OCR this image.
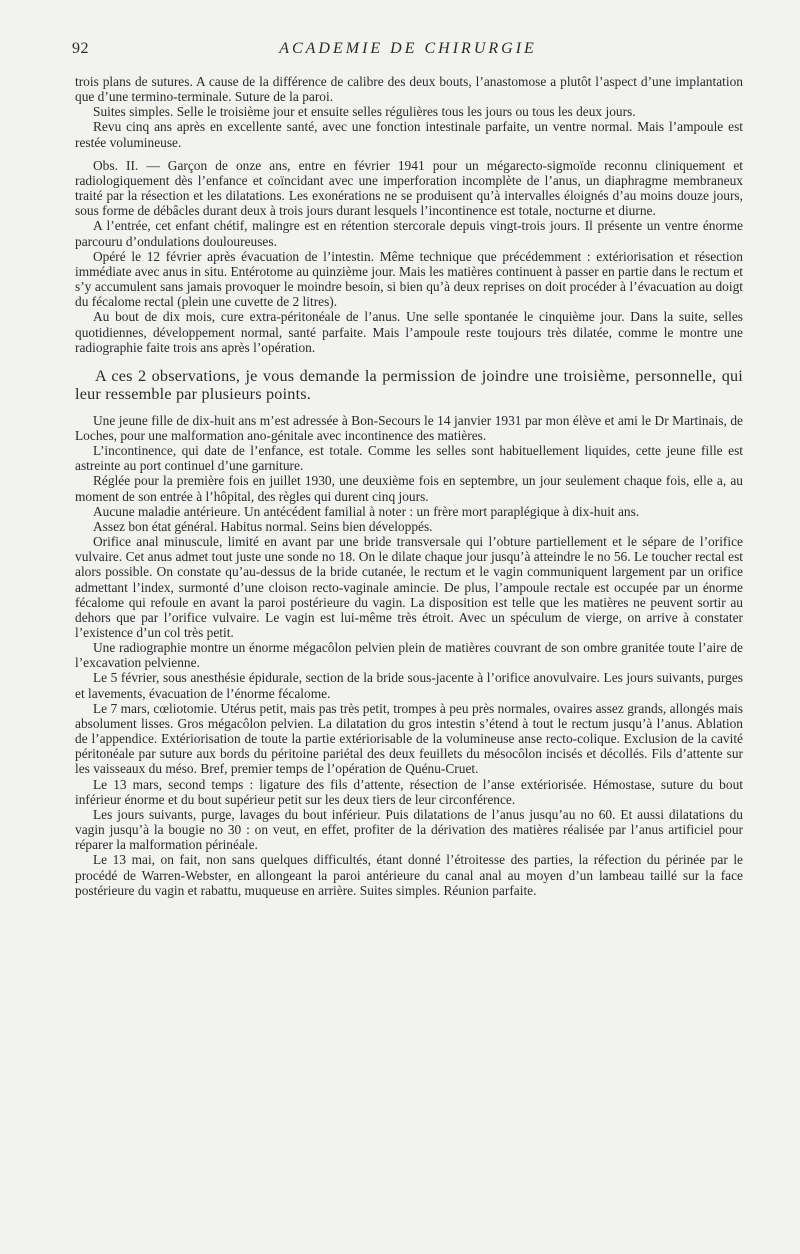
92	ACADEMIE DE CHIRURGIE

trois plans de sutures. A cause de la différence de calibre des deux bouts, l’anastomose a plutôt l’aspect d’une implantation que d’une termino-terminale. Suture de la paroi.

Suites simples. Selle le troisième jour et ensuite selles régulières tous les jours ou tous les deux jours.

Revu cinq ans après en excellente santé, avec une fonction intestinale parfaite, un ventre normal. Mais l’ampoule est restée volumineuse.

Obs. II. — Garçon de onze ans, entre en février 1941 pour un mégarecto-sigmoïde reconnu cliniquement et radiologiquement dès l’enfance et coïncidant avec une imperforation incomplète de l’anus, un diaphragme membraneux traité par la résection et les dilatations. Les exonérations ne se produisent qu’à intervalles éloignés d’au moins douze jours, sous forme de débâcles durant deux à trois jours durant lesquels l’incontinence est totale, nocturne et diurne.

A l’entrée, cet enfant chétif, malingre est en rétention stercorale depuis vingt-trois jours. Il présente un ventre énorme parcouru d’ondulations douloureuses.

Opéré le 12 février après évacuation de l’intestin. Même technique que précédemment : extériorisation et résection immédiate avec anus in situ. Entérotome au quinzième jour. Mais les matières continuent à passer en partie dans le rectum et s’y accumulent sans jamais provoquer le moindre besoin, si bien qu’à deux reprises on doit procéder à l’évacuation au doigt du fécalome rectal (plein une cuvette de 2 litres).

Au bout de dix mois, cure extra-péritonéale de l’anus. Une selle spontanée le cinquième jour. Dans la suite, selles quotidiennes, développement normal, santé parfaite. Mais l’ampoule reste toujours très dilatée, comme le montre une radiographie faite trois ans après l’opération.

A ces 2 observations, je vous demande la permission de joindre une troisième, personnelle, qui leur ressemble par plusieurs points.

Une jeune fille de dix-huit ans m’est adressée à Bon-Secours le 14 janvier 1931 par mon élève et ami le Dr Martinais, de Loches, pour une malformation ano-génitale avec incontinence des matières.

L’incontinence, qui date de l’enfance, est totale. Comme les selles sont habituellement liquides, cette jeune fille est astreinte au port continuel d’une garniture.

Réglée pour la première fois en juillet 1930, une deuxième fois en septembre, un jour seulement chaque fois, elle a, au moment de son entrée à l’hôpital, des règles qui durent cinq jours.

Aucune maladie antérieure. Un antécédent familial à noter : un frère mort paraplégique à dix-huit ans.

Assez bon état général. Habitus normal. Seins bien développés.

Orifice anal minuscule, limité en avant par une bride transversale qui l’obture partiellement et le sépare de l’orifice vulvaire. Cet anus admet tout juste une sonde no 18. On le dilate chaque jour jusqu’à atteindre le no 56. Le toucher rectal est alors possible. On constate qu’au-dessus de la bride cutanée, le rectum et le vagin communiquent largement par un orifice admettant l’index, surmonté d’une cloison recto-vaginale amincie. De plus, l’ampoule rectale est occupée par un énorme fécalome qui refoule en avant la paroi postérieure du vagin. La disposition est telle que les matières ne peuvent sortir au dehors que par l’orifice vulvaire. Le vagin est lui-même très étroit. Avec un spéculum de vierge, on arrive à constater l’existence d’un col très petit.

Une radiographie montre un énorme mégacôlon pelvien plein de matières couvrant de son ombre granitée toute l’aire de l’excavation pelvienne.

Le 5 février, sous anesthésie épidurale, section de la bride sous-jacente à l’orifice anovulvaire. Les jours suivants, purges et lavements, évacuation de l’énorme fécalome.

Le 7 mars, cœliotomie. Utérus petit, mais pas très petit, trompes à peu près normales, ovaires assez grands, allongés mais absolument lisses. Gros mégacôlon pelvien. La dilatation du gros intestin s’étend à tout le rectum jusqu’à l’anus. Ablation de l’appendice. Extériorisation de toute la partie extériorisable de la volumineuse anse recto-colique. Exclusion de la cavité péritonéale par suture aux bords du péritoine pariétal des deux feuillets du mésocôlon incisés et décollés. Fils d’attente sur les vaisseaux du méso. Bref, premier temps de l’opération de Quénu-Cruet.

Le 13 mars, second temps : ligature des fils d’attente, résection de l’anse extériorisée. Hémostase, suture du bout inférieur énorme et du bout supérieur petit sur les deux tiers de leur circonférence.

Les jours suivants, purge, lavages du bout inférieur. Puis dilatations de l’anus jusqu’au no 60. Et aussi dilatations du vagin jusqu’à la bougie no 30 : on veut, en effet, profiter de la dérivation des matières réalisée par l’anus artificiel pour réparer la malformation périnéale.

Le 13 mai, on fait, non sans quelques difficultés, étant donné l’étroitesse des parties, la réfection du périnée par le procédé de Warren-Webster, en allongeant la paroi antérieure du canal anal au moyen d’un lambeau taillé sur la face postérieure du vagin et rabattu, muqueuse en arrière. Suites simples. Réunion parfaite.
